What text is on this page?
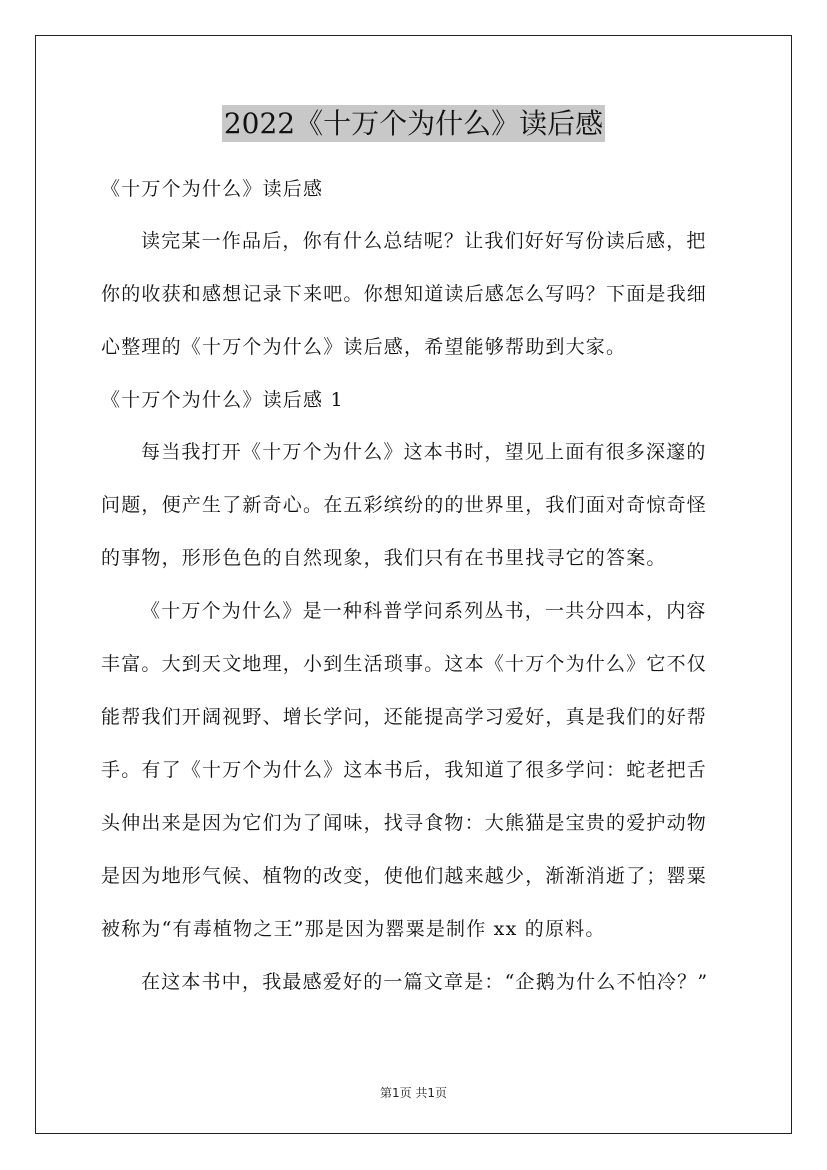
2022《十万个为什么》读后感

《十万个为什么》读后感

读完某一作品后，你有什么总结呢？让我们好好写份读后感，把

你的收获和感想记录下来吧。你想知道读后感怎么写吗？下面是我细

心整理的《十万个为什么》读后感，希望能够帮助到大家。

《十万个为什么》读后感 1

每当我打开《十万个为什么》这本书时，望见上面有很多深邃的

问题，便产生了新奇心。在五彩缤纷的的世界里，我们面对奇惊奇怪

的事物，形形色色的自然现象，我们只有在书里找寻它的答案。

《十万个为什么》是一种科普学问系列丛书，一共分四本，内容

丰富。大到天文地理，小到生活琐事。这本《十万个为什么》它不仅

能帮我们开阔视野、增长学问，还能提高学习爱好，真是我们的好帮

手。有了《十万个为什么》这本书后，我知道了很多学问：蛇老把舌

头伸出来是因为它们为了闻味，找寻食物：大熊猫是宝贵的爱护动物

是因为地形气候、植物的改变，使他们越来越少，渐渐消逝了；罂粟

被称为“有毒植物之王”那是因为罂粟是制作 xx 的原料。

在这本书中，我最感爱好的一篇文章是：“企鹅为什么不怕冷？”

第1页 共1页
